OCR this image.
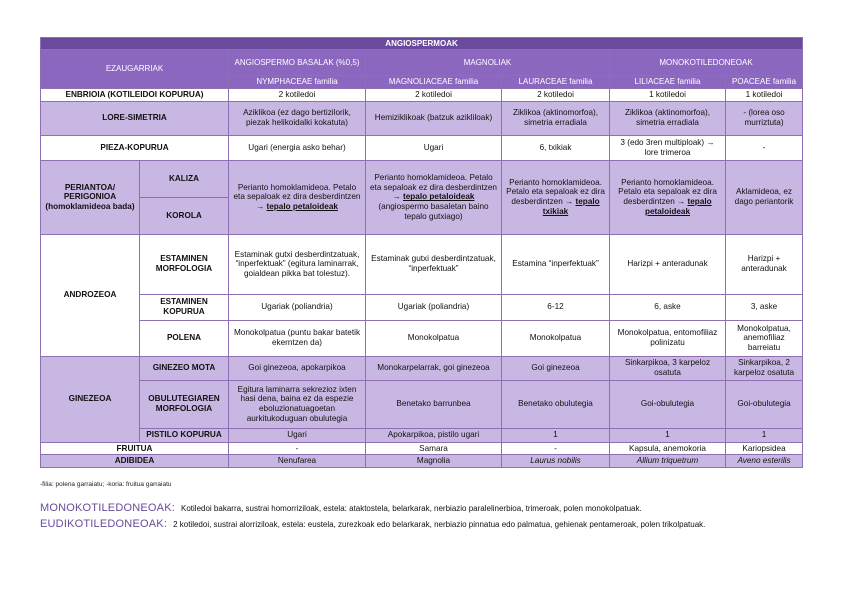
ANGIOSPERMOAK						
EZAUGARRIAK		ANGIOSPERMO BASALAK (%0,5)	MAGNOLIAK		MONOKOTILEDONEOAK	
		NYMPHACEAE familia	MAGNOLIACEAE familia	LAURACEAE familia	LILIACEAE familia	POACEAE familia
ENBRIOIA (KOTILEIDOI KOPURUA)		2 kotiledoi	2 kotiledoi	2 kotiledoi	1 kotiledoi	1 kotiledoi
LORE-SIMETRIA		Aziklikoa (ez dago bertizilorik, piezak helikoidalki kokatuta)	Hemiziklikoak (batzuk azikliloak)	Ziklikoa (aktinomorfoa), simetria erradiala	Ziklikoa (aktinomorfoa), simetria erradiala	- (lorea oso murriztuta)
PIEZA-KOPURUA		Ugari (energia asko behar)	Ugari	6, txikiak	3 (edo 3ren multiploak) → lore trimeroa	-
PERIANTOA/ PERIGONIOA (homoklamideoa bada)	KALIZA	Perianto homoklamideoa. Petalo eta sepaloak ez dira desberdintzen → tepalo petaloideak	Perianto homoklamideoa. Petalo eta sepaloak ez dira desberdintzen → tepalo petaloideak (angiospermo basaletan baino tepalo gutxiago)	Perianto homoklamideoa. Petalo eta sepaloak ez dira desberdintzen → tepalo txikiak	Perianto homoklamideoa. Petalo eta sepaloak ez dira desberdintzen → tepalo petaloideak	Aklamideoa, ez dago periantorik
	KOROLA					
ANDROZEOA	ESTAMINEN MORFOLOGIA	Estaminak gutxi desberdintzatuak, “inperfektuak” (egitura laminarrak, goialdean pikka bat tolestuz).	Estaminak gutxi desberdintzatuak, “inperfektuak”	Estamina “inperfektuak”	Harizpi + anteradunak	Harizpi + anteradunak
	ESTAMINEN KOPURUA	Ugariak (poliandria)	Ugariak (poliandria)	6-12	6, aske	3, aske
	POLENA	Monokolpatua (puntu bakar batetik ekerntzen da)	Monokolpatua	Monokolpatua	Monokolpatua, entomofiliaz polinizatu	Monokolpatua, anemofiliaz barreiatu
GINEZEOA	GINEZEO MOTA	Goi ginezeoa, apokarpikoa	Monokarpelarrak, goi ginezeoa	Goi ginezeoa	Sinkarpikoa, 3 karpeloz osatuta	Sinkarpikoa, 2 karpeloz osatuta
	OBULUTEGIAREN MORFOLOGIA	Egitura laminarra sekrezioz ixten hasi dena, baina ez da espezie eboluzionatuagoetan aurkitukoduguan obulutegia	Benetako barrunbea	Benetako obulutegia	Goi-obulutegia	Goi-obulutegia
	PISTILO KOPURUA	Ugari	Apokarpikoa, pistilo ugari	1	1	1
FRUITUA		-	Samara	-	Kapsula, anemokoria	Kariopsidea
ADIBIDEA		Nenufarea	Magnolia	Laurus nobilis	Allium triquetrum	Aveno esterilis
-filia: polena garraiatu; -koria: fruitua garraiatu
MONOKOTILEDONEOAK: Kotiledoi bakarra, sustrai homorriziloak, estela: ataktostela, belarkarak, nerbiazio paralelinerbioa, trimeroak, polen monokolpatuak.
EUDIKOTILEDONEOAK: 2 kotiledoi, sustrai alorriziloak, estela: eustela, zurezkoak edo belarkarak, nerbiazio pinnatua edo palmatua, gehienak pentameroak, polen trikolpatuak.
